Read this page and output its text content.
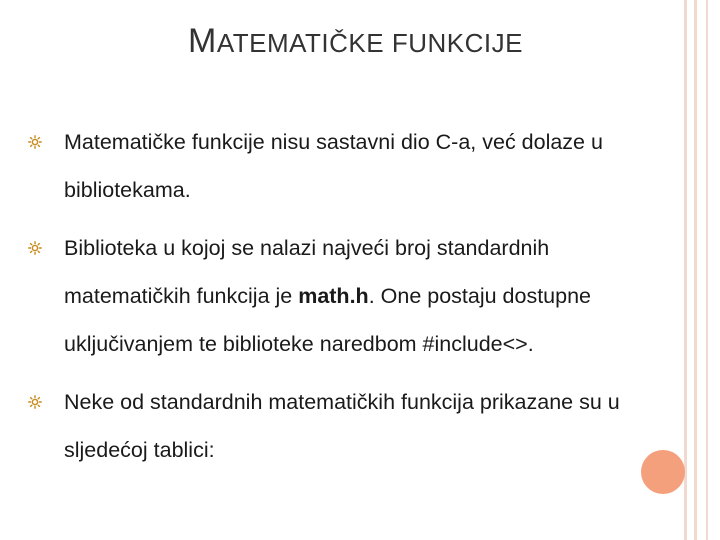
MATEMATIČKE FUNKCIJE
Matematičke funkcije nisu sastavni dio C-a, već dolaze u bibliotekama.
Biblioteka u kojoj se nalazi najveći broj standardnih matematičkih funkcija je math.h. One postaju dostupne uključivanjem te biblioteke naredbom #include<>.
Neke od standardnih matematičkih funkcija prikazane su u sljedećoj tablici:
